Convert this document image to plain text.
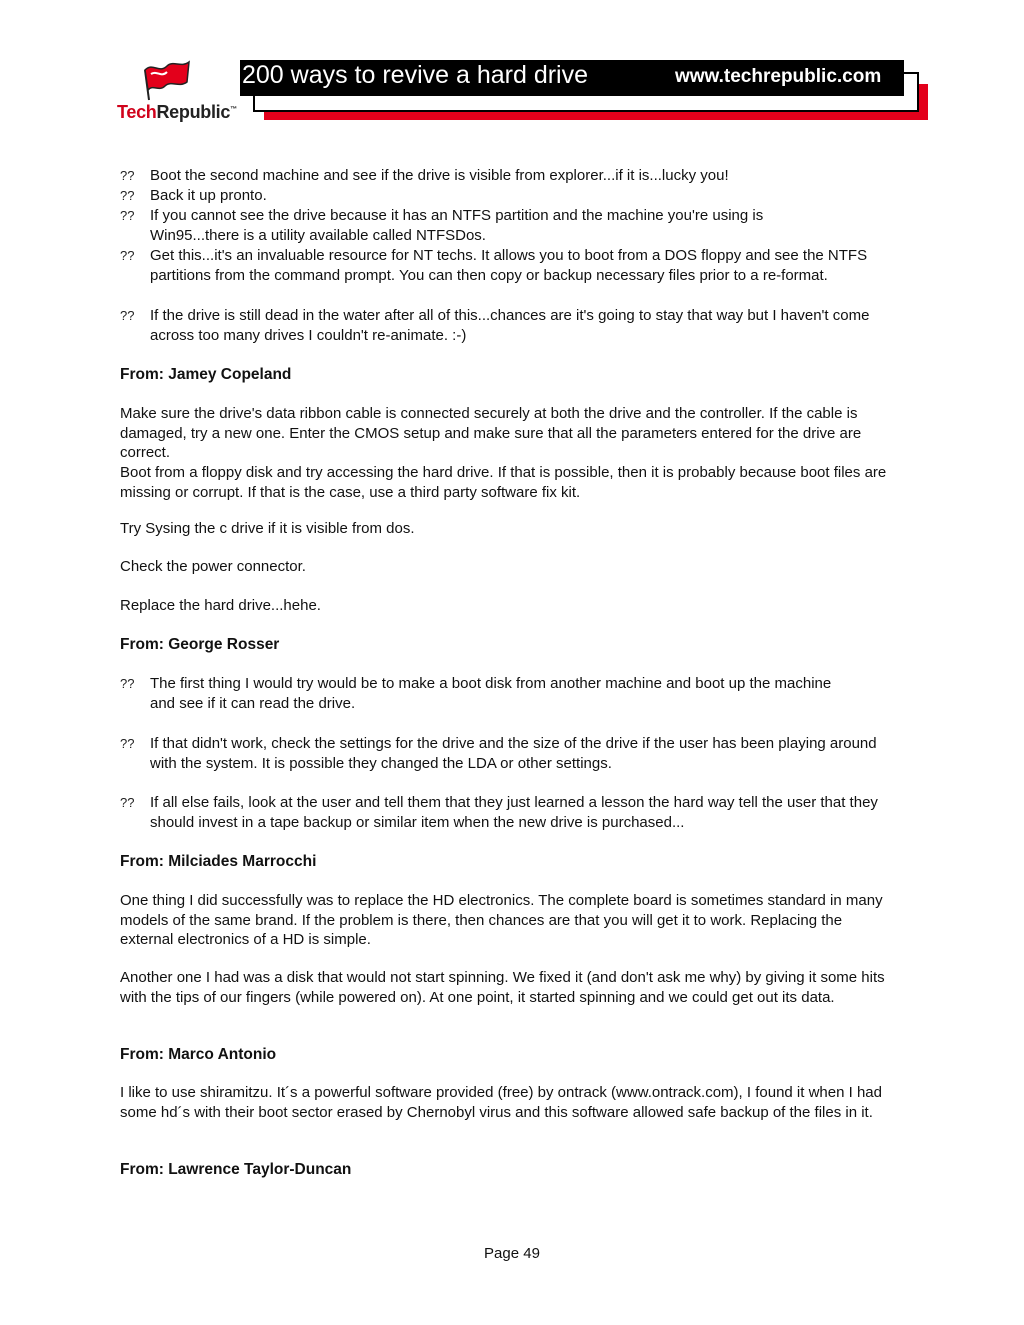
TechRepublic™
200 ways to revive a hard drive	www.techrepublic.com
??	Boot the second machine and see if the drive is visible from explorer...if it is...lucky you!
??	Back it up pronto.
??	If you cannot see the drive because it has an NTFS partition and the machine you're using is Win95...there is a utility available called NTFSDos.
??	Get this...it's an invaluable resource for NT techs. It allows you to boot from a DOS floppy and see the NTFS partitions from the command prompt. You can then copy or backup necessary files prior to a re-format.
??	If the drive is still dead in the water after all of this...chances are it's going to stay that way but I haven't come across too many drives I couldn't re-animate. :-)
From: Jamey Copeland
Make sure the drive's data ribbon cable is connected securely at both the drive and the controller. If the cable is damaged, try a new one. Enter the CMOS setup and make sure that all the parameters entered for the drive are correct.
Boot from a floppy disk and try accessing the hard drive. If that is possible, then it is probably because boot files are missing or corrupt. If that is the case, use a third party software fix kit.
Try Sysing the c drive if it is visible from dos.
Check the power connector.
Replace the hard drive...hehe.
From: George Rosser
??	The first thing I would try would be to make a boot disk from another machine and boot up the machine and see if it can read the drive.
??	If that didn't work, check the settings for the drive and the size of the drive if the user has been playing around with the system. It is possible they changed the LDA or other settings.
??	If all else fails, look at the user and tell them that they just learned a lesson the hard way tell the user that they should invest in a tape backup or similar item when the new drive is purchased...
From: Milciades Marrocchi
One thing I did successfully was to replace the HD electronics. The complete board is sometimes standard in many models of the same brand. If the problem is there, then chances are that you will get it to work. Replacing the external electronics of a HD is simple.
Another one I had was a disk that would not start spinning. We fixed it (and don't ask me why) by giving it some hits with the tips of our fingers (while powered on). At one point, it started spinning and we could get out its data.
From: Marco Antonio
I like to use shiramitzu. It´s a powerful software provided (free) by ontrack (www.ontrack.com), I found it when I had some hd´s with their boot sector erased by Chernobyl virus and this software allowed safe backup of the files in it.
From: Lawrence Taylor-Duncan
Page 49
